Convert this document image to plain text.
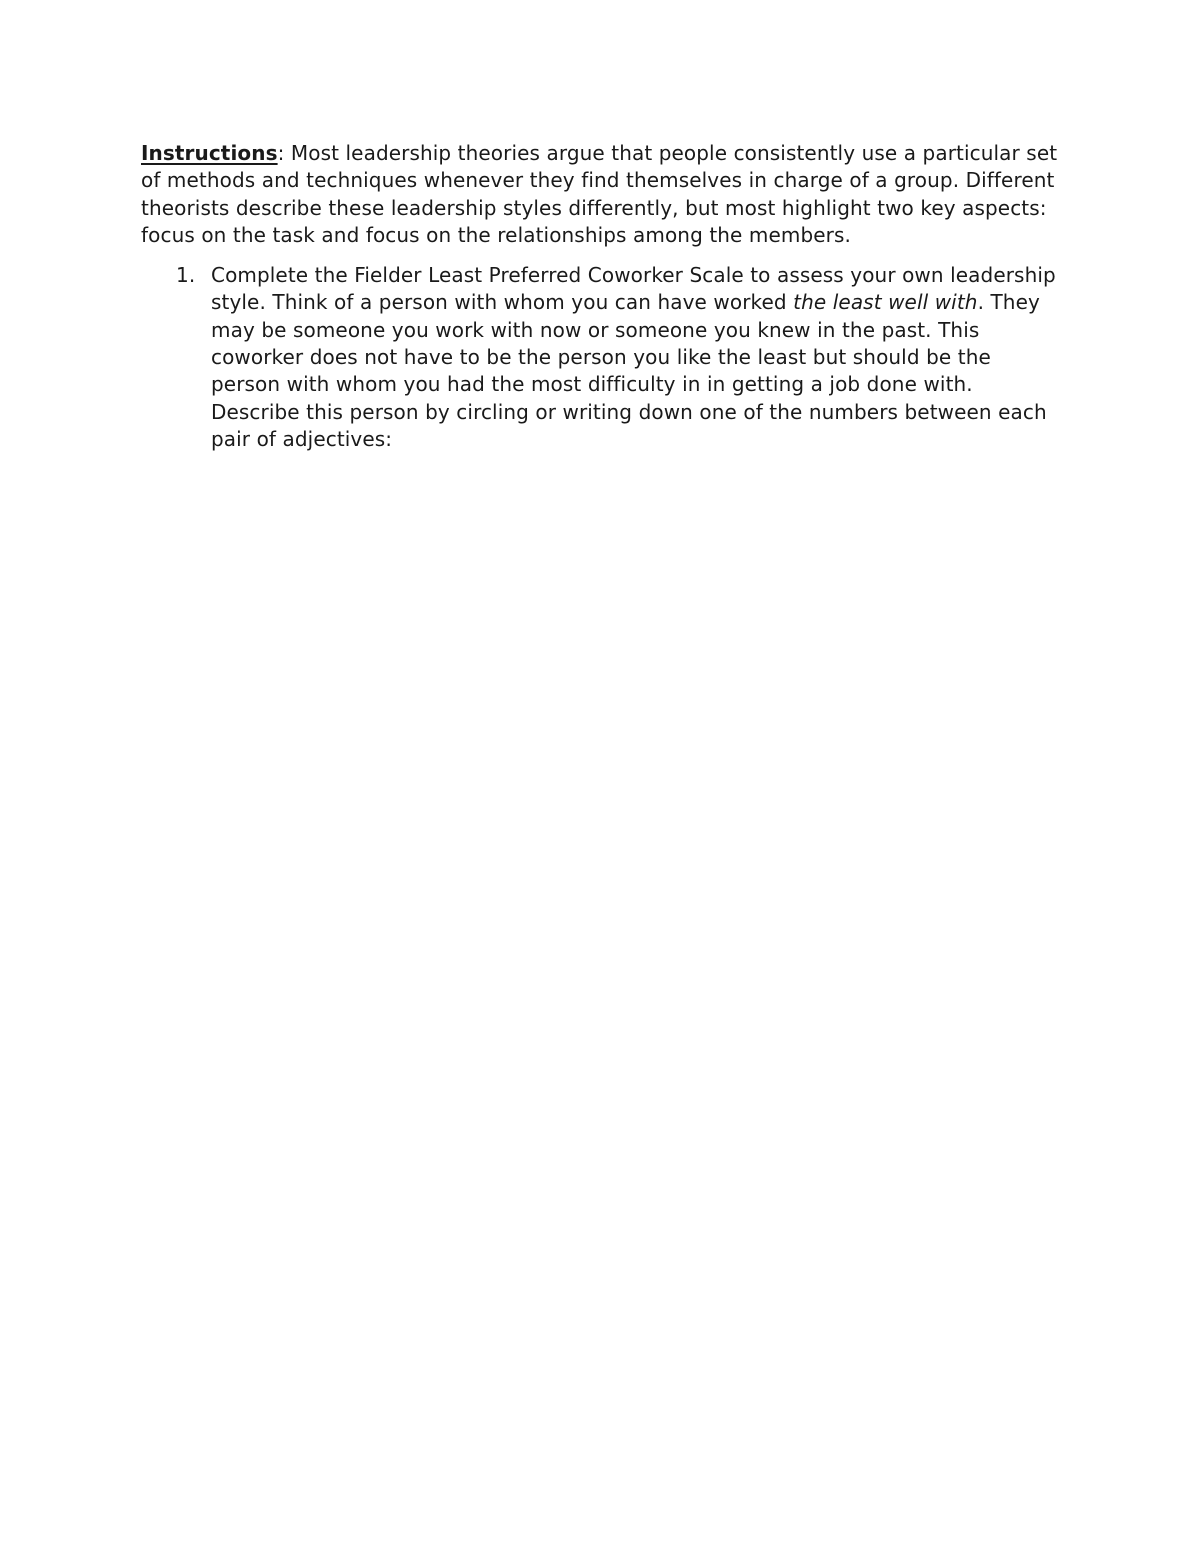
Instructions: Most leadership theories argue that people consistently use a particular set of methods and techniques whenever they find themselves in charge of a group. Different theorists describe these leadership styles differently, but most highlight two key aspects: focus on the task and focus on the relationships among the members.

1. Complete the Fielder Least Preferred Coworker Scale to assess your own leadership style. Think of a person with whom you can have worked the least well with. They may be someone you work with now or someone you knew in the past. This coworker does not have to be the person you like the least but should be the person with whom you had the most difficulty in in getting a job done with. Describe this person by circling or writing down one of the numbers between each pair of adjectives:
